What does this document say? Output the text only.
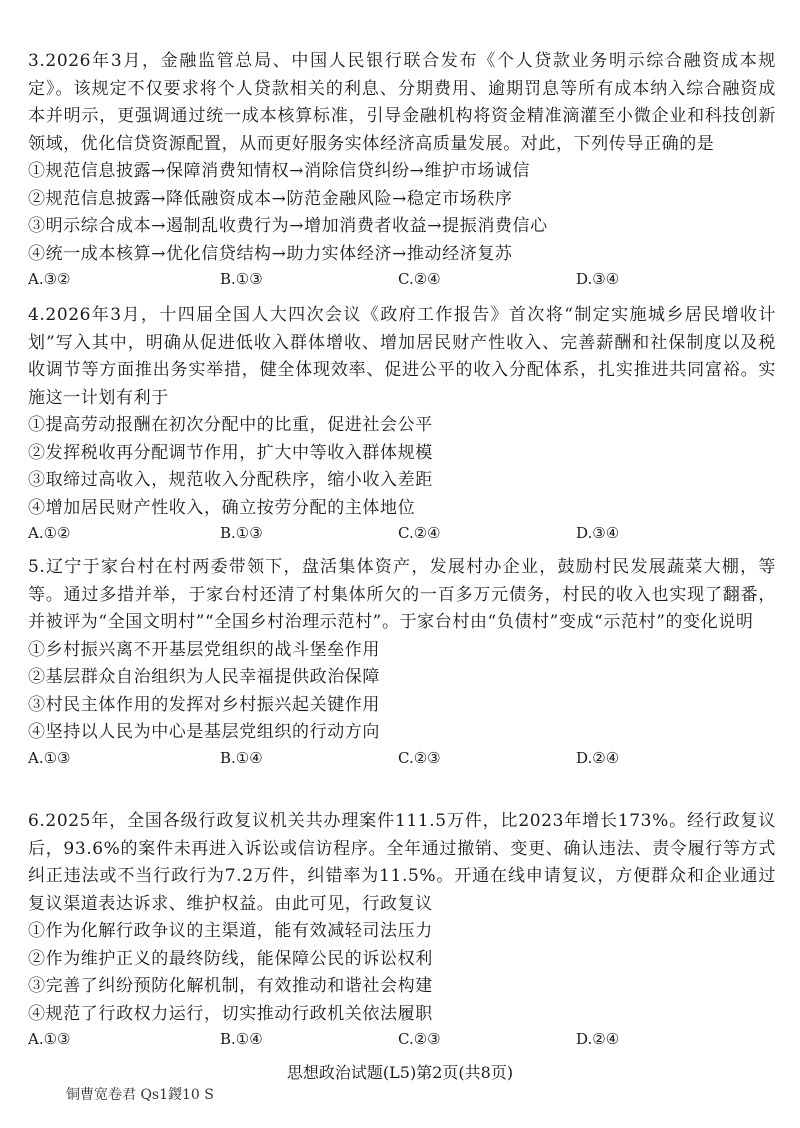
3.2026年3月，金融监管总局、中国人民银行联合发布《个人贷款业务明示综合融资成本规定》。该规定不仅要求将个人贷款相关的利息、分期费用、逾期罚息等所有成本纳入综合融资成本并明示，更强调通过统一成本核算标准，引导金融机构将资金精准滴灌至小微企业和科技创新领域，优化信贷资源配置，从而更好服务实体经济高质量发展。对此，下列传导正确的是

①规范信息披露→保障消费知情权→消除信贷纠纷→维护市场诚信

②规范信息披露→降低融资成本→防范金融风险→稳定市场秩序

③明示综合成本→遏制乱收费行为→增加消费者收益→提振消费信心

④统一成本核算→优化信贷结构→助力实体经济→推动经济复苏

A.③②	B.①③	C.②④	D.③④

4.2026年3月，十四届全国人大四次会议《政府工作报告》首次将“制定实施城乡居民增收计划”写入其中，明确从促进低收入群体增收、增加居民财产性收入、完善薪酬和社保制度以及税收调节等方面推出务实举措，健全体现效率、促进公平的收入分配体系，扎实推进共同富裕。实施这一计划有利于

①提高劳动报酬在初次分配中的比重，促进社会公平

②发挥税收再分配调节作用，扩大中等收入群体规模

③取缔过高收入，规范收入分配秩序，缩小收入差距

④增加居民财产性收入，确立按劳分配的主体地位

A.①②	B.①③	C.②④	D.③④

5.辽宁于家台村在村两委带领下，盘活集体资产，发展村办企业，鼓励村民发展蔬菜大棚，等等。通过多措并举，于家台村还清了村集体所欠的一百多万元债务，村民的收入也实现了翻番，并被评为“全国文明村”“全国乡村治理示范村”。于家台村由“负债村”变成“示范村”的变化说明

①乡村振兴离不开基层党组织的战斗堡垒作用

②基层群众自治组织为人民幸福提供政治保障

③村民主体作用的发挥对乡村振兴起关键作用

④坚持以人民为中心是基层党组织的行动方向

A.①③	B.①④	C.②③	D.②④

6.2025年，全国各级行政复议机关共办理案件111.5万件，比2023年增长173%。经行政复议后，93.6%的案件未再进入诉讼或信访程序。全年通过撤销、变更、确认违法、责令履行等方式纠正违法或不当行政行为7.2万件，纠错率为11.5%。开通在线申请复议，方便群众和企业通过复议渠道表达诉求、维护权益。由此可见，行政复议

①作为化解行政争议的主渠道，能有效减轻司法压力

②作为维护正义的最终防线，能保障公民的诉讼权利

③完善了纠纷预防化解机制，有效推动和谐社会构建

④规范了行政权力运行，切实推动行政机关依法履职

A.①③	B.①④	C.②③	D.②④
思想政治试题(L5)第2页(共8页)
铜曹宽卷君 Qs1鍐10 S
